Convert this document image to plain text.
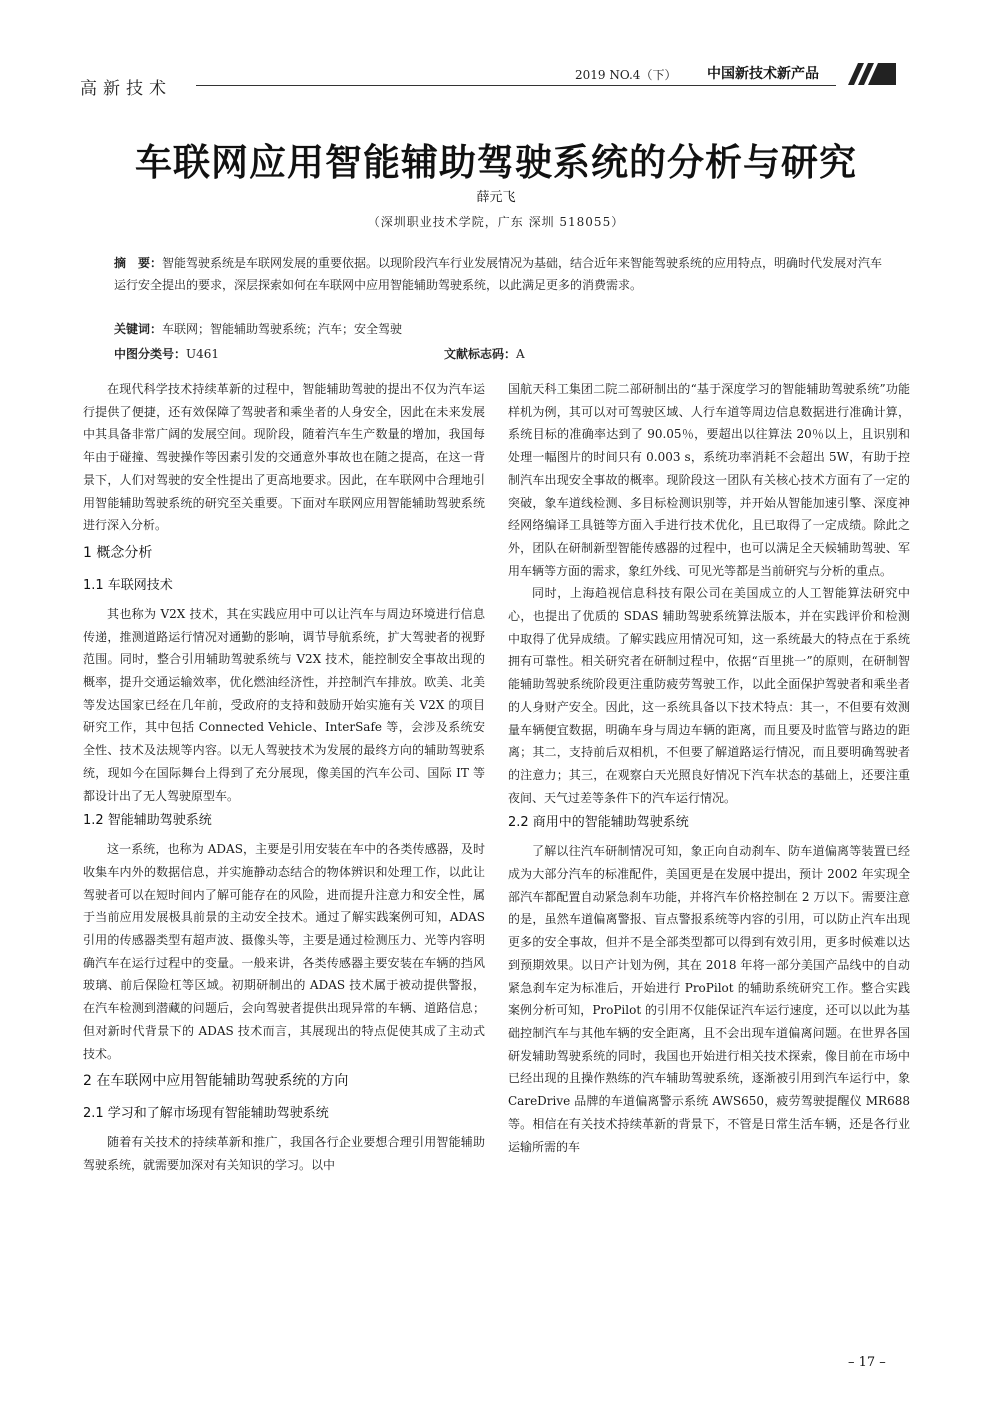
高新技术
2019 NO.4（下） 中国新技术新产品
车联网应用智能辅助驾驶系统的分析与研究
薛元飞
（深圳职业技术学院，广东 深圳 518055）
摘　要：智能驾驶系统是车联网发展的重要依据。以现阶段汽车行业发展情况为基础，结合近年来智能驾驶系统的应用特点，明确时代发展对汽车运行安全提出的要求，深层探索如何在车联网中应用智能辅助驾驶系统，以此满足更多的消费需求。
关键词：车联网；智能辅助驾驶系统；汽车；安全驾驶
中图分类号：U461	文献标志码：A

在现代科学技术持续革新的过程中，智能辅助驾驶的提出不仅为汽车运行提供了便捷，还有效保障了驾驶者和乘坐者的人身安全，因此在未来发展中其具备非常广阔的发展空间。现阶段，随着汽车生产数量的增加，我国每年由于碰撞、驾驶操作等因素引发的交通意外事故也在随之提高，在这一背景下，人们对驾驶的安全性提出了更高地要求。因此，在车联网中合理地引用智能辅助驾驶系统的研究至关重要。下面对车联网应用智能辅助驾驶系统进行深入分析。

1 概念分析
1.1 车联网技术

其也称为 V2X 技术，其在实践应用中可以让汽车与周边环境进行信息传递，推测道路运行情况对通勤的影响，调节导航系统，扩大驾驶者的视野范围。同时，整合引用辅助驾驶系统与 V2X 技术，能控制安全事故出现的概率，提升交通运输效率，优化燃油经济性，并控制汽车排放。欧美、北美等发达国家已经在几年前，受政府的支持和鼓励开始实施有关 V2X 的项目研究工作，其中包括 Connected Vehicle、InterSafe 等，会涉及系统安全性、技术及法规等内容。以无人驾驶技术为发展的最终方向的辅助驾驶系统，现如今在国际舞台上得到了充分展现，像美国的汽车公司、国际 IT 等都设计出了无人驾驶原型车。

1.2 智能辅助驾驶系统

这一系统，也称为 ADAS，主要是引用安装在车中的各类传感器，及时收集车内外的数据信息，并实施静动态结合的物体辨识和处理工作，以此让驾驶者可以在短时间内了解可能存在的风险，进而提升注意力和安全性，属于当前应用发展极具前景的主动安全技术。通过了解实践案例可知，ADAS 引用的传感器类型有超声波、摄像头等，主要是通过检测压力、光等内容明确汽车在运行过程中的变量。一般来讲，各类传感器主要安装在车辆的挡风玻璃、前后保险杠等区域。初期研制出的 ADAS 技术属于被动提供警报，在汽车检测到潜藏的问题后，会向驾驶者提供出现异常的车辆、道路信息；但对新时代背景下的 ADAS 技术而言，其展现出的特点促使其成了主动式技术。

2 在车联网中应用智能辅助驾驶系统的方向
2.1 学习和了解市场现有智能辅助驾驶系统

随着有关技术的持续革新和推广，我国各行企业要想合理引用智能辅助驾驶系统，就需要加深对有关知识的学习。以中

国航天科工集团二院二部研制出的“基于深度学习的智能辅助驾驶系统”功能样机为例，其可以对可驾驶区域、人行车道等周边信息数据进行准确计算，系统目标的准确率达到了 90.05％，要超出以往算法 20％以上，且识别和处理一幅图片的时间只有 0.003 s，系统功率消耗不会超出 5W，有助于控制汽车出现安全事故的概率。现阶段这一团队有关核心技术方面有了一定的突破，象车道线检测、多目标检测识别等，并开始从智能加速引擎、深度神经网络编译工具链等方面入手进行技术优化，且已取得了一定成绩。除此之外，团队在研制新型智能传感器的过程中，也可以满足全天候辅助驾驶、军用车辆等方面的需求，象红外线、可见光等都是当前研究与分析的重点。

同时，上海趋视信息科技有限公司在美国成立的人工智能算法研究中心，也提出了优质的 SDAS 辅助驾驶系统算法版本，并在实践评价和检测中取得了优异成绩。了解实践应用情况可知，这一系统最大的特点在于系统拥有可靠性。相关研究者在研制过程中，依据“百里挑一”的原则，在研制智能辅助驾驶系统阶段更注重防疲劳驾驶工作，以此全面保护驾驶者和乘坐者的人身财产安全。因此，这一系统具备以下技术特点：其一，不但要有效测量车辆便宜数据，明确车身与周边车辆的距离，而且要及时监管与路边的距离；其二，支持前后双相机，不但要了解道路运行情况，而且要明确驾驶者的注意力；其三，在观察白天光照良好情况下汽车状态的基础上，还要注重夜间、天气过差等条件下的汽车运行情况。

2.2 商用中的智能辅助驾驶系统

了解以往汽车研制情况可知，象正向自动刹车、防车道偏离等装置已经成为大部分汽车的标准配件，美国更是在发展中提出，预计 2002 年实现全部汽车都配置自动紧急刹车功能，并将汽车价格控制在 2 万以下。需要注意的是，虽然车道偏离警报、盲点警报系统等内容的引用，可以防止汽车出现更多的安全事故，但并不是全部类型都可以得到有效引用，更多时候难以达到预期效果。以日产计划为例，其在 2018 年将一部分美国产品线中的自动紧急刹车定为标准后，开始进行 ProPilot 的辅助系统研究工作。整合实践案例分析可知，ProPilot 的引用不仅能保证汽车运行速度，还可以以此为基础控制汽车与其他车辆的安全距离，且不会出现车道偏离问题。在世界各国研发辅助驾驶系统的同时，我国也开始进行相关技术探索，像目前在市场中已经出现的且操作熟练的汽车辅助驾驶系统，逐渐被引用到汽车运行中，象 CareDrive 品牌的车道偏离警示系统 AWS650，疲劳驾驶提醒仪 MR688 等。相信在有关技术持续革新的背景下，不管是日常生活车辆，还是各行业运输所需的车

– 17 –
